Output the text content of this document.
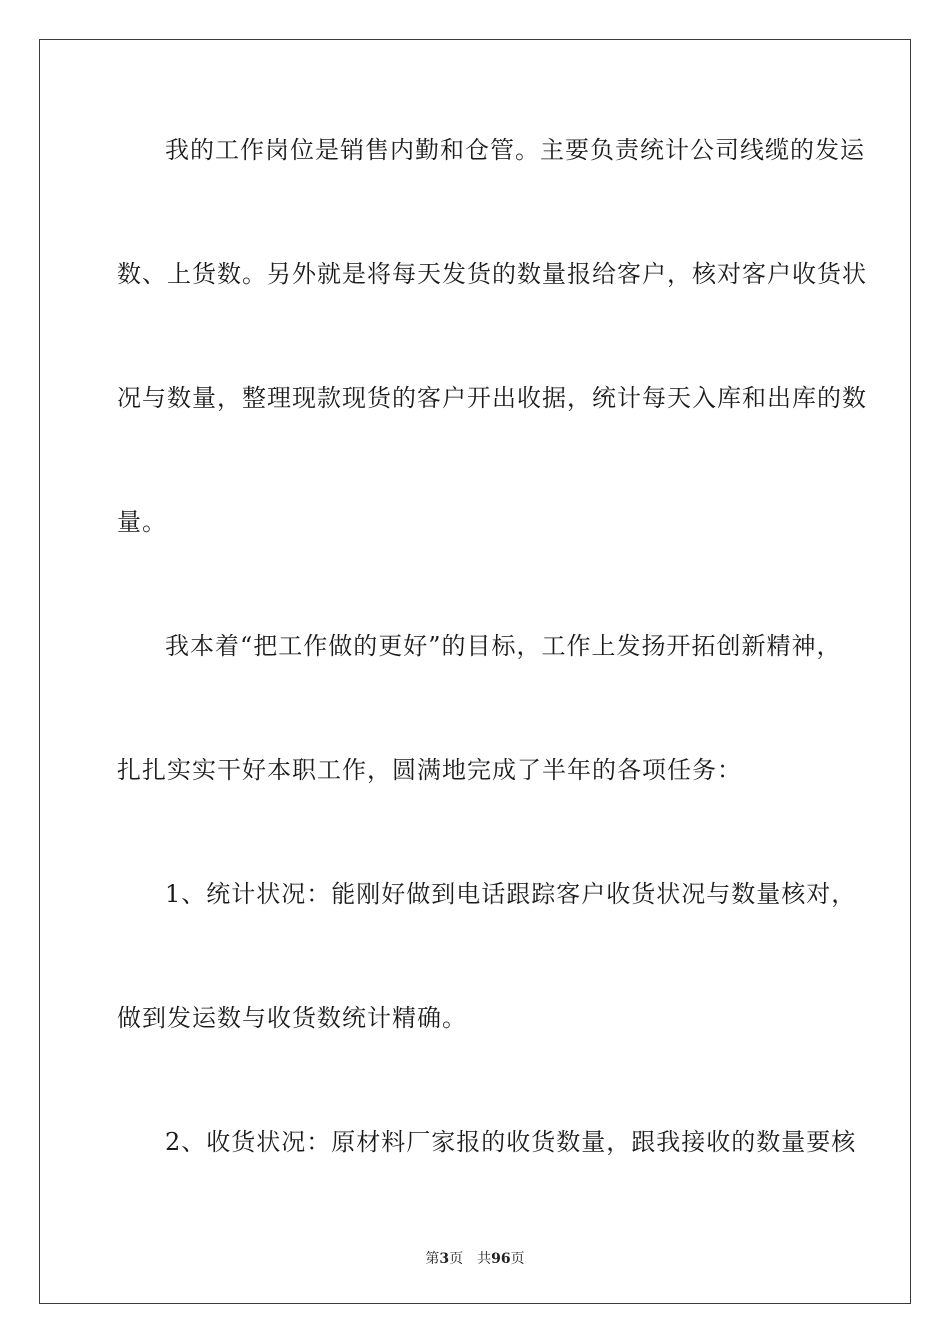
我的工作岗位是销售内勤和仓管。主要负责统计公司线缆的发运
数、上货数。另外就是将每天发货的数量报给客户，核对客户收货状
况与数量，整理现款现货的客户开出收据，统计每天入库和出库的数
量。
我本着“把工作做的更好”的目标，工作上发扬开拓创新精神，
扎扎实实干好本职工作，圆满地完成了半年的各项任务：
1、统计状况：能刚好做到电话跟踪客户收货状况与数量核对，
做到发运数与收货数统计精确。
2、收货状况：原材料厂家报的收货数量，跟我接收的数量要核
第3页 共96页
